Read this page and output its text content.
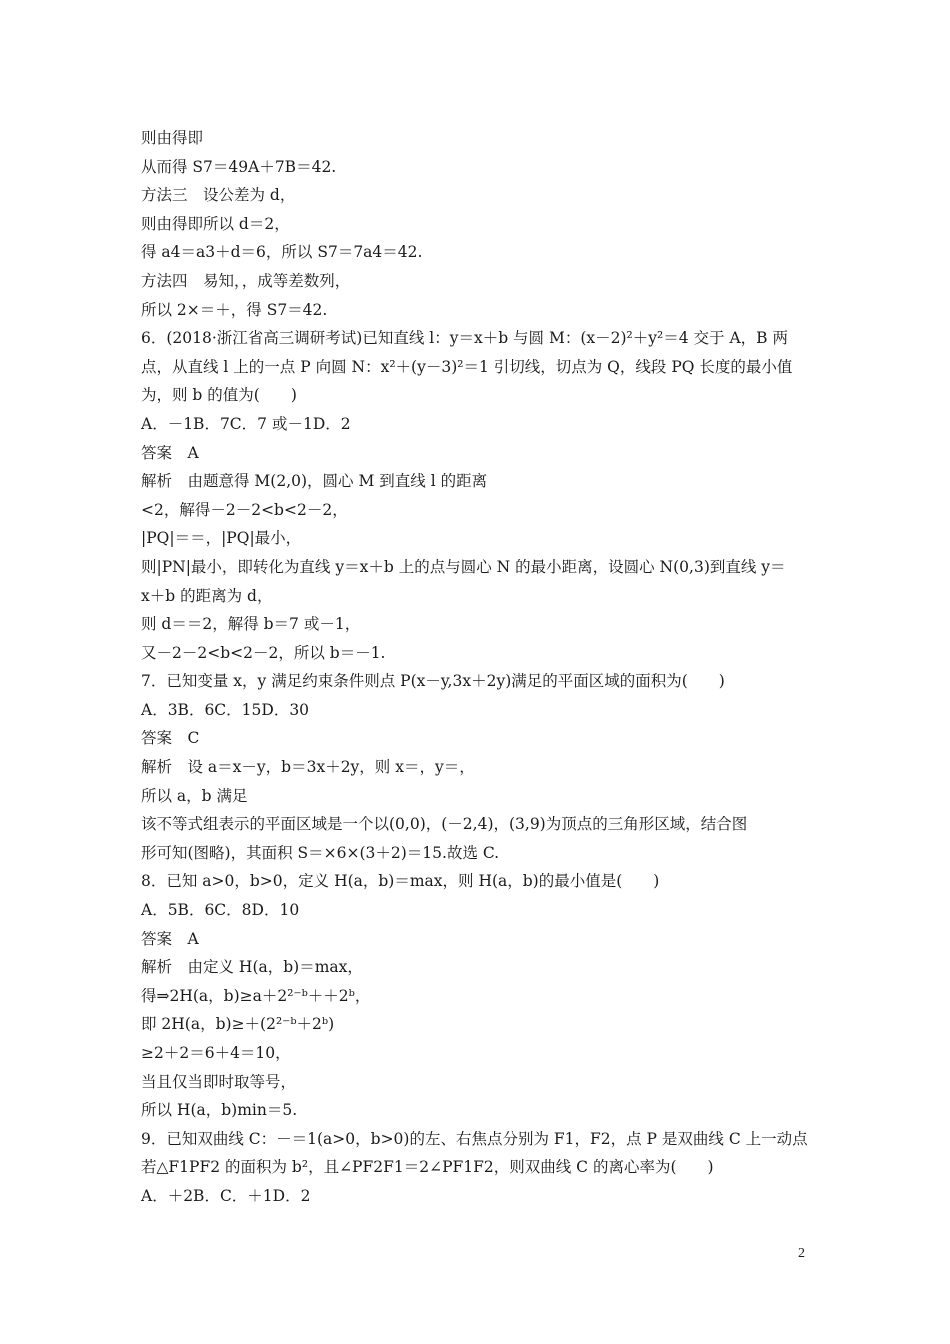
则由得即
从而得 S7＝49A＋7B＝42.
方法三　设公差为 d，
则由得即所以 d＝2，
得 a4＝a3＋d＝6，所以 S7＝7a4＝42.
方法四　易知，，成等差数列，
所以 2×＝＋，得 S7＝42.
6．(2018·浙江省高三调研考试)已知直线 l：y＝x＋b 与圆 M：(x－2)²＋y²＝4 交于 A，B 两
点，从直线 l 上的一点 P 向圆 N：x²＋(y－3)²＝1 引切线，切点为 Q，线段 PQ 长度的最小值
为，则 b 的值为(　　)
A．－1B．7C．7 或－1D．2
答案　A
解析　由题意得 M(2,0)，圆心 M 到直线 l 的距离
<2，解得－2－2<b<2－2，
|PQ|＝＝，|PQ|最小，
则|PN|最小，即转化为直线 y＝x＋b 上的点与圆心 N 的最小距离，设圆心 N(0,3)到直线 y＝
x＋b 的距离为 d，
则 d＝＝2，解得 b＝7 或－1，
又－2－2<b<2－2，所以 b＝－1.
7．已知变量 x，y 满足约束条件则点 P(x－y,3x＋2y)满足的平面区域的面积为(　　)
A．3B．6C．15D．30
答案　C
解析　设 a＝x－y，b＝3x＋2y，则 x＝，y＝，
所以 a，b 满足
该不等式组表示的平面区域是一个以(0,0)，(－2,4)，(3,9)为顶点的三角形区域，结合图
形可知(图略)，其面积 S＝×6×(3＋2)＝15.故选 C.
8．已知 a>0，b>0，定义 H(a，b)＝max，则 H(a，b)的最小值是(　　)
A．5B．6C．8D．10
答案　A
解析　由定义 H(a，b)＝max，
得⇒2H(a，b)≥a＋2²⁻ᵇ＋＋2ᵇ，
即 2H(a，b)≥＋(2²⁻ᵇ＋2ᵇ)
≥2＋2＝6＋4＝10，
当且仅当即时取等号，
所以 H(a，b)min＝5.
9．已知双曲线 C：－＝1(a>0，b>0)的左、右焦点分别为 F1，F2，点 P 是双曲线 C 上一动点
若△F1PF2 的面积为 b²，且∠PF2F1＝2∠PF1F2，则双曲线 C 的离心率为(　　)
A．＋2B．C．＋1D．2
2
